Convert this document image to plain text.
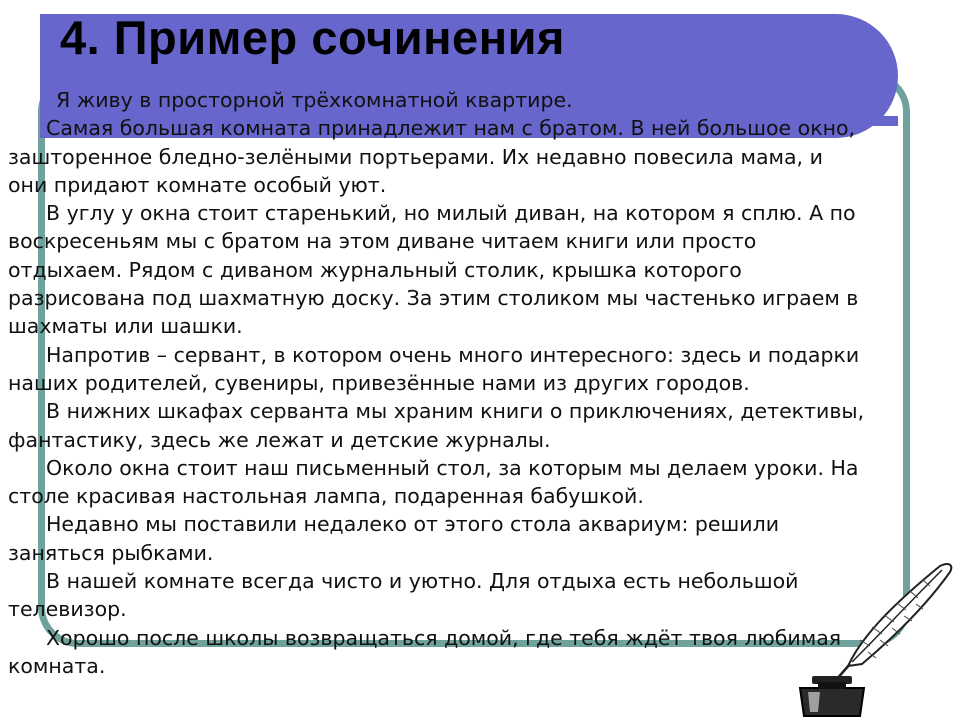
4. Пример сочинения

Я живу в просторной трёхкомнатной квартире.

Самая большая комната принадлежит нам с братом. В ней большое окно, зашторенное бледно-зелёными портьерами. Их недавно повесила мама, и они придают комнате особый уют.

В углу у окна стоит старенький, но милый диван, на котором я сплю. А по воскресеньям мы с братом на этом диване читаем книги или просто отдыхаем. Рядом с диваном журнальный столик, крышка которого разрисована под шахматную доску. За этим столиком мы частенько играем в шахматы или шашки.

Напротив – сервант, в котором очень много интересного: здесь и подарки наших родителей, сувениры, привезённые нами из других городов.

В нижних шкафах серванта мы храним книги о приключениях, детективы, фантастику, здесь же лежат и детские журналы.

Около окна стоит наш письменный стол, за которым мы делаем уроки. На столе красивая настольная лампа, подаренная бабушкой.

Недавно мы поставили недалеко от этого стола аквариум: решили заняться рыбками.

В нашей комнате всегда чисто и уютно. Для отдыха есть небольшой телевизор.

Хорошо после школы возвращаться домой, где тебя ждёт твоя любимая комната.
